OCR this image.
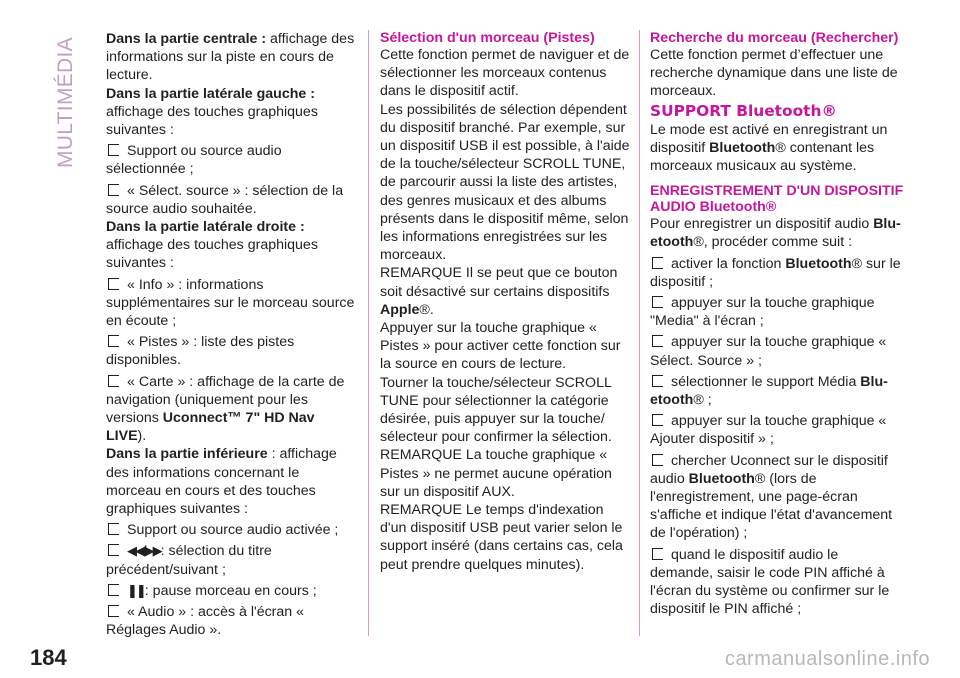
MULTIMÉDIA
184

Dans la partie centrale : affichage des informations sur la piste en cours de lecture.

Dans la partie latérale gauche :
affichage des touches graphiques suivantes :

Support ou source audio sélectionnée ;

« Sélect. source » : sélection de la source audio souhaitée.

Dans la partie latérale droite :
affichage des touches graphiques suivantes :

« Info » : informations supplémentaires sur le morceau source en écoute ;

« Pistes » : liste des pistes disponibles.

« Carte » : affichage de la carte de navigation (uniquement pour les versions Uconnect™ 7" HD Nav LIVE).

Dans la partie inférieure : affichage des informations concernant le morceau en cours et des touches graphiques suivantes :

Support ou source audio activée ;

◀◀/▶▶: sélection du titre précédent/suivant ;

❚❚: pause morceau en cours ;

« Audio » : accès à l'écran « Réglages Audio ».

Sélection d'un morceau (Pistes)

Cette fonction permet de naviguer et de sélectionner les morceaux contenus dans le dispositif actif.

Les possibilités de sélection dépendent du dispositif branché. Par exemple, sur un dispositif USB il est possible, à l'aide de la touche/sélecteur SCROLL TUNE, de parcourir aussi la liste des artistes, des genres musicaux et des albums présents dans le dispositif même, selon les informations enregistrées sur les morceaux.

REMARQUE Il se peut que ce bouton soit désactivé sur certains dispositifs Apple®.

Appuyer sur la touche graphique « Pistes » pour activer cette fonction sur la source en cours de lecture.

Tourner la touche/sélecteur SCROLL TUNE pour sélectionner la catégorie désirée, puis appuyer sur la touche/ sélecteur pour confirmer la sélection.

REMARQUE La touche graphique « Pistes » ne permet aucune opération sur un dispositif AUX.

REMARQUE Le temps d'indexation d'un dispositif USB peut varier selon le support inséré (dans certains cas, cela peut prendre quelques minutes).

Recherche du morceau (Rechercher)

Cette fonction permet d’effectuer une recherche dynamique dans une liste de morceaux.

SUPPORT Bluetooth®

Le mode est activé en enregistrant un dispositif Bluetooth® contenant les morceaux musicaux au système.

ENREGISTREMENT D'UN DISPOSITIF AUDIO Bluetooth®

Pour enregistrer un dispositif audio Blu-etooth®, procéder comme suit :

activer la fonction Bluetooth® sur le dispositif ;

appuyer sur la touche graphique "Media" à l'écran ;

appuyer sur la touche graphique « Sélect. Source » ;

sélectionner le support Média Blu-etooth® ;

appuyer sur la touche graphique « Ajouter dispositif » ;

chercher Uconnect sur le dispositif audio Bluetooth® (lors de l'enregistrement, une page-écran s'affiche et indique l'état d'avancement de l'opération) ;

quand le dispositif audio le demande, saisir le code PIN affiché à l'écran du système ou confirmer sur le dispositif le PIN affiché ;

carmanualsonline.info
